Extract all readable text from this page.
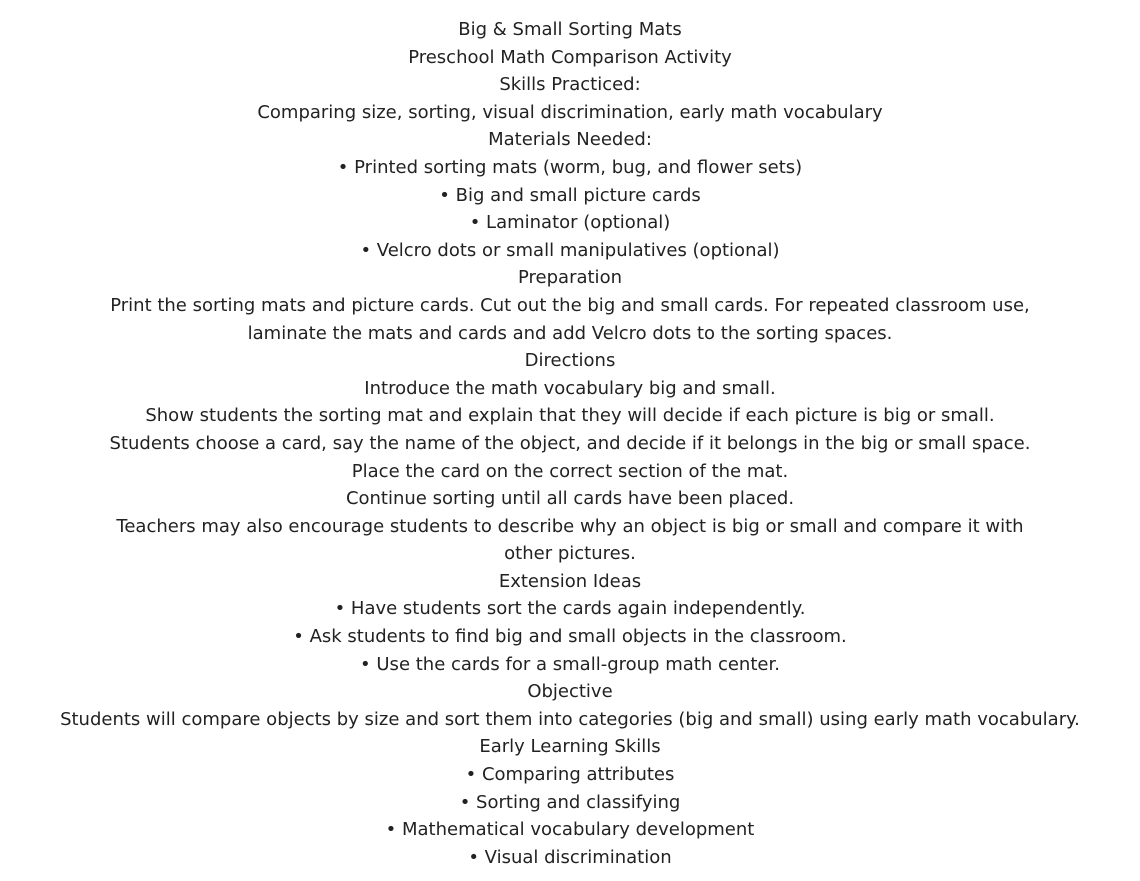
Big & Small Sorting Mats

Preschool Math Comparison Activity

Skills Practiced:

Comparing size, sorting, visual discrimination, early math vocabulary

Materials Needed:

• Printed sorting mats (worm, bug, and flower sets)

• Big and small picture cards

• Laminator (optional)

• Velcro dots or small manipulatives (optional)

Preparation

Print the sorting mats and picture cards. Cut out the big and small cards. For repeated classroom use, laminate the mats and cards and add Velcro dots to the sorting spaces.

Directions

Introduce the math vocabulary big and small.

Show students the sorting mat and explain that they will decide if each picture is big or small.

Students choose a card, say the name of the object, and decide if it belongs in the big or small space.

Place the card on the correct section of the mat.

Continue sorting until all cards have been placed.

Teachers may also encourage students to describe why an object is big or small and compare it with other pictures.

Extension Ideas

• Have students sort the cards again independently.

• Ask students to find big and small objects in the classroom.

• Use the cards for a small-group math center.

Objective

Students will compare objects by size and sort them into categories (big and small) using early math vocabulary.

Early Learning Skills

• Comparing attributes

• Sorting and classifying

• Mathematical vocabulary development

• Visual discrimination
